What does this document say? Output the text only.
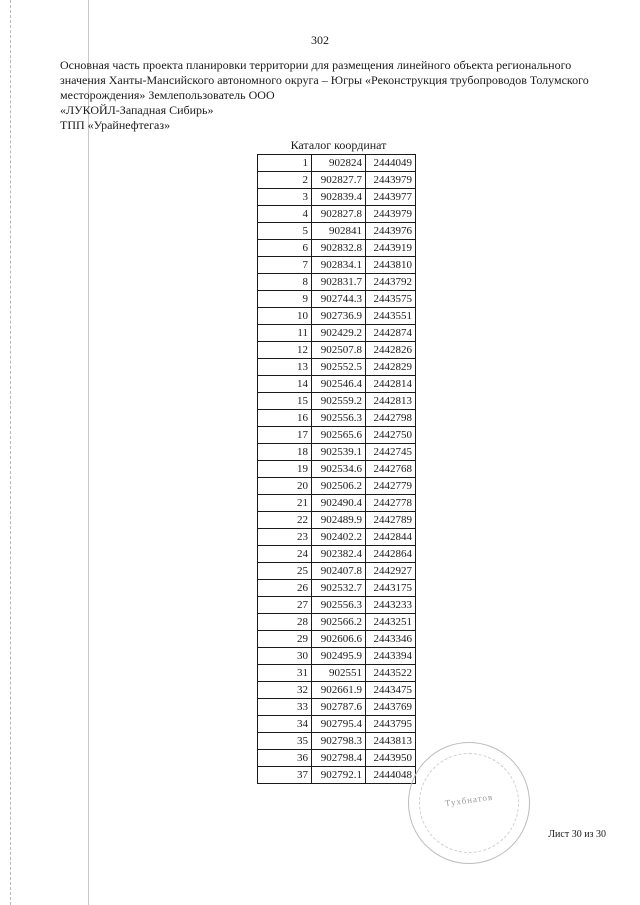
302

Основная часть проекта планировки территории для размещения линейного объекта регионального значения Ханты-Мансийского автономного округа – Югры «Реконструкция трубопроводов Толумского месторождения» Землепользователь ООО

«ЛУКОЙЛ-Западная Сибирь»

ТПП «Урайнефтегаз»

Каталог координат
1	902824	2444049
2	902827.7	2443979
3	902839.4	2443977
4	902827.8	2443979
5	902841	2443976
6	902832.8	2443919
7	902834.1	2443810
8	902831.7	2443792
9	902744.3	2443575
10	902736.9	2443551
11	902429.2	2442874
12	902507.8	2442826
13	902552.5	2442829
14	902546.4	2442814
15	902559.2	2442813
16	902556.3	2442798
17	902565.6	2442750
18	902539.1	2442745
19	902534.6	2442768
20	902506.2	2442779
21	902490.4	2442778
22	902489.9	2442789
23	902402.2	2442844
24	902382.4	2442864
25	902407.8	2442927
26	902532.7	2443175
27	902556.3	2443233
28	902566.2	2443251
29	902606.6	2443346
30	902495.9	2443394
31	902551	2443522
32	902661.9	2443475
33	902787.6	2443769
34	902795.4	2443795
35	902798.3	2443813
36	902798.4	2443950
37	902792.1	2444048
Тухбнатов
Лист 30 из 30
